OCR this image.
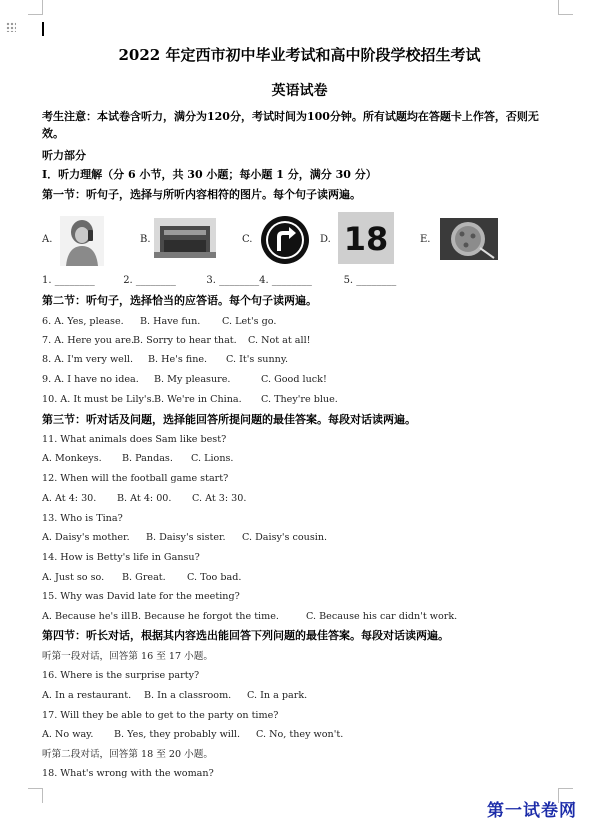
2022 年定西市初中毕业考试和高中阶段学校招生考试
英语试卷
考生注意：本试卷含听力，满分为120分，考试时间为100分钟。所有试题均在答题卡上作答，否则无效。
听力部分
Ⅰ．听力理解（分 6 小节，共 30 小题；每小题 1 分，满分 30 分）
第一节：听句子，选择与所听内容相符的图片。每个句子读两遍。
A.	B.	C.	D. 18	E.
1. ________	2. ________	3. ________4. ________	5. ________
第二节：听句子，选择恰当的应答语。每个句子读两遍。
6. A. Yes, please. B. Have fun. C. Let's go.
7. A. Here you are.B. Sorry to hear that. C. Not at all!
8. A. I'm very well. B. He's fine. C. It's sunny.
9. A. I have no idea. B. My pleasure.	C. Good luck!
10. A. It must be Lily's.B. We're in China. C. They're blue.
第三节：听对话及问题，选择能回答所提问题的最佳答案。每段对话读两遍。
11. What animals does Sam like best?
A. Monkeys. B. Pandas. C. Lions.
12. When will the football game start?
A. At 4: 30. B. At 4: 00. C. At 3: 30.
13. Who is Tina?
A. Daisy's mother. B. Daisy's sister. C. Daisy's cousin.
14. How is Betty's life in Gansu?
A. Just so so. B. Great. C. Too bad.
15. Why was David late for the meeting?
A. Because he's illB. Because he forgot the time.	C. Because his car didn't work.
第四节：听长对话，根据其内容选出能回答下列问题的最佳答案。每段对话读两遍。
听第一段对话，回答第 16 至 17 小题。
16. Where is the surprise party?
A. In a restaurant. B. In a classroom. C. In a park.
17. Will they be able to get to the party on time?
A. No way. B. Yes, they probably will. C. No, they won't.
听第二段对话，回答第 18 至 20 小题。
18. What's wrong with the woman?
第一试卷网
